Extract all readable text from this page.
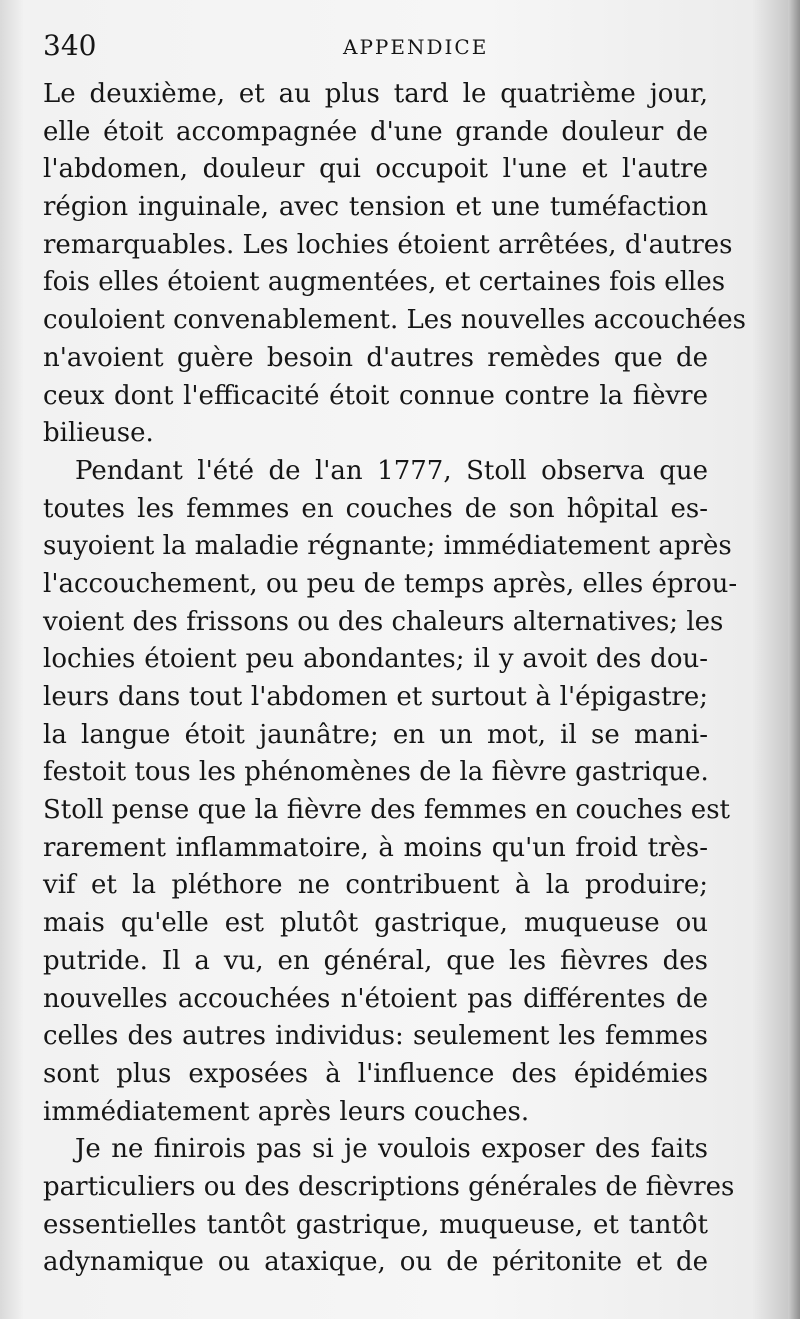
340	APPENDICE
Le deuxième, et au plus tard le quatrième jour,
elle étoit accompagnée d'une grande douleur de
l'abdomen, douleur qui occupoit l'une et l'autre
région inguinale, avec tension et une tuméfaction
remarquables. Les lochies étoient arrêtées, d'autres
fois elles étoient augmentées, et certaines fois elles
couloient convenablement. Les nouvelles accouchées
n'avoient guère besoin d'autres remèdes que de
ceux dont l'efficacité étoit connue contre la fièvre
bilieuse.
Pendant l'été de l'an 1777, Stoll observa que
toutes les femmes en couches de son hôpital es-
suyoient la maladie régnante; immédiatement après
l'accouchement, ou peu de temps après, elles éprou-
voient des frissons ou des chaleurs alternatives; les
lochies étoient peu abondantes; il y avoit des dou-
leurs dans tout l'abdomen et surtout à l'épigastre;
la langue étoit jaunâtre; en un mot, il se mani-
festoit tous les phénomènes de la fièvre gastrique.
Stoll pense que la fièvre des femmes en couches est
rarement inflammatoire, à moins qu'un froid très-
vif et la pléthore ne contribuent à la produire;
mais qu'elle est plutôt gastrique, muqueuse ou
putride. Il a vu, en général, que les fièvres des
nouvelles accouchées n'étoient pas différentes de
celles des autres individus: seulement les femmes
sont plus exposées à l'influence des épidémies
immédiatement après leurs couches.
Je ne finirois pas si je voulois exposer des faits
particuliers ou des descriptions générales de fièvres
essentielles tantôt gastrique, muqueuse, et tantôt
adynamique ou ataxique, ou de péritonite et de
